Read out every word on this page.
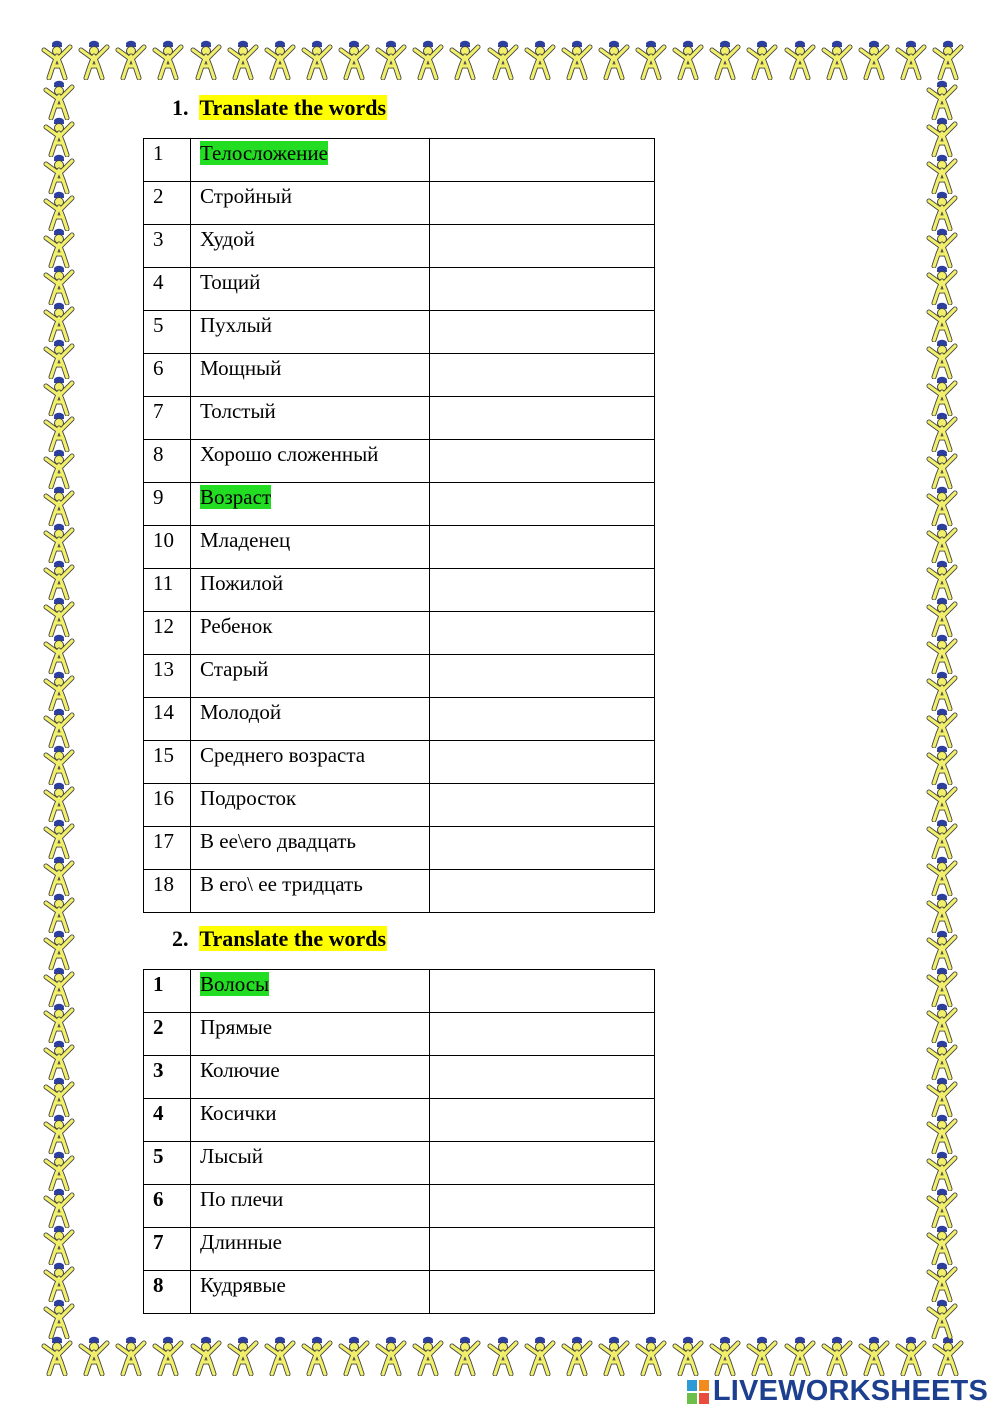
1. Translate the words
1	Телосложение	
2	Стройный	
3	Худой	
4	Тощий	
5	Пухлый	
6	Мощный	
7	Толстый	
8	Хорошо сложенный	
9	Возраст	
10	Младенец	
11	Пожилой	
12	Ребенок	
13	Старый	
14	Молодой	
15	Среднего возраста	
16	Подросток	
17	В ее\его двадцать	
18	В его\ ее тридцать	
2. Translate the words
1	Волосы	
2	Прямые	
3	Колючие	
4	Косички	
5	Лысый	
6	По плечи	
7	Длинные	
8	Кудрявые	
LIVEWORKSHEETS
